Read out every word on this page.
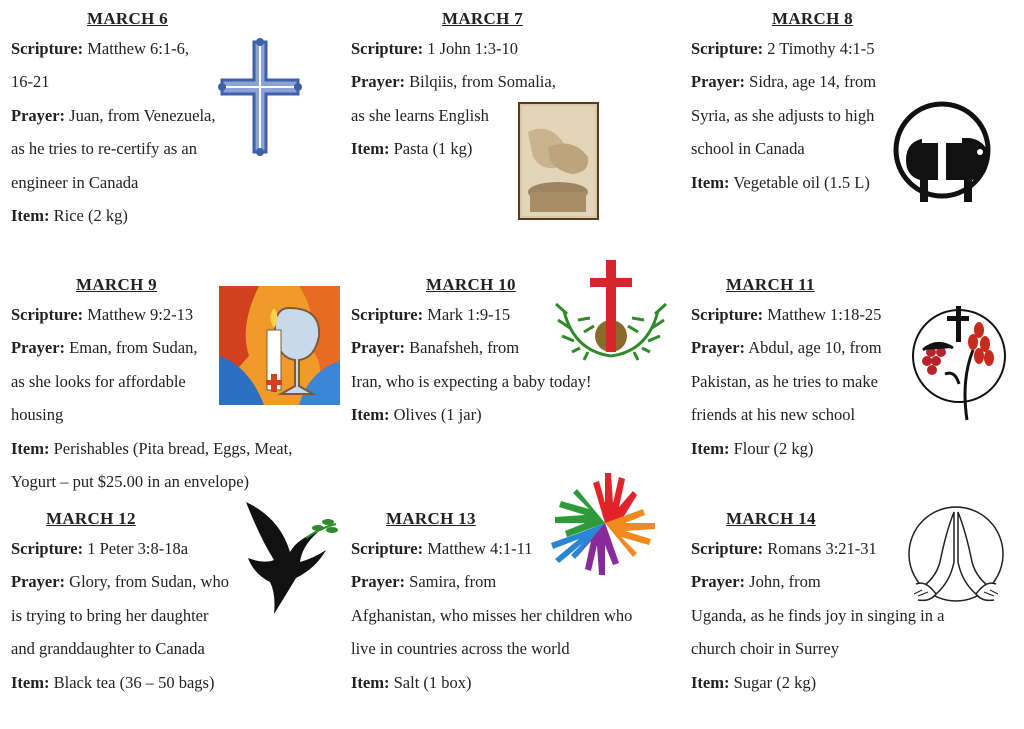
MARCH 6
Scripture: Matthew 6:1-6,
16-21
Prayer: Juan, from Venezuela,
as he tries to re-certify as an
engineer in Canada
Item: Rice (2 kg)
MARCH 7
Scripture: 1 John 1:3-10
Prayer: Bilqiis, from Somalia,
as she learns English
Item: Pasta (1 kg)
MARCH 8
Scripture: 2 Timothy 4:1-5
Prayer: Sidra, age 14, from
Syria, as she adjusts to high
school in Canada
Item: Vegetable oil (1.5 L)
MARCH 9
Scripture: Matthew 9:2-13
Prayer: Eman, from Sudan,
as she looks for affordable
housing
Item: Perishables (Pita bread, Eggs, Meat,
Yogurt – put $25.00 in an envelope)
MARCH 10
Scripture: Mark 1:9-15
Prayer: Banafsheh, from
Iran, who is expecting a baby today!
Item: Olives (1 jar)
MARCH 11
Scripture: Matthew 1:18-25
Prayer: Abdul, age 10, from
Pakistan, as he tries to make
friends at his new school
Item: Flour (2 kg)
MARCH 12
Scripture: 1 Peter 3:8-18a
Prayer: Glory, from Sudan, who
is trying to bring her daughter
and granddaughter to Canada
Item: Black tea (36 – 50 bags)
MARCH 13
Scripture: Matthew 4:1-11
Prayer: Samira, from
Afghanistan, who misses her children who
live in countries across the world
Item: Salt (1 box)
MARCH 14
Scripture: Romans 3:21-31
Prayer: John, from
Uganda, as he finds joy in singing in a
church choir in Surrey
Item: Sugar (2 kg)
